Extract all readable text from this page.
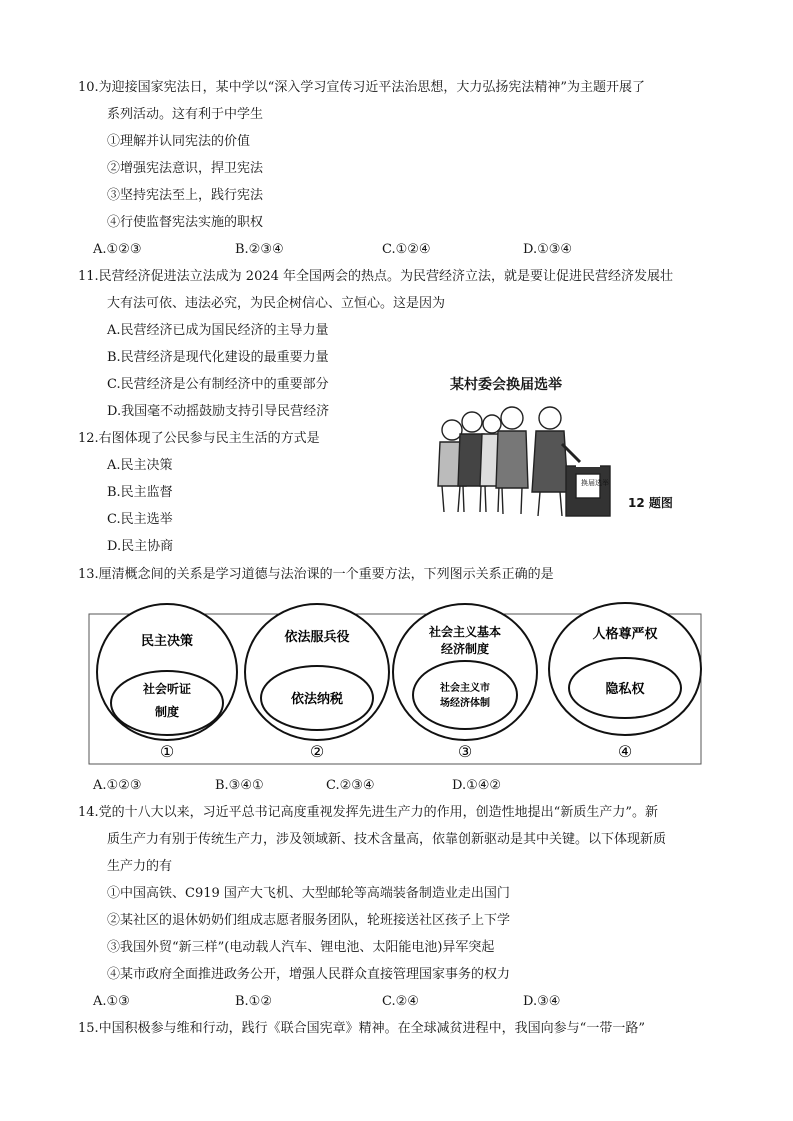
10.为迎接国家宪法日，某中学以“深入学习宣传习近平法治思想，大力弘扬宪法精神”为主题开展了
系列活动。这有利于中学生
①理解并认同宪法的价值
②增强宪法意识，捍卫宪法
③坚持宪法至上，践行宪法
④行使监督宪法实施的职权
A.①②③	B.②③④	C.①②④	D.①③④
11.民营经济促进法立法成为 2024 年全国两会的热点。为民营经济立法，就是要让促进民营经济发展壮
大有法可依、违法必究，为民企树信心、立恒心。这是因为
A.民营经济已成为国民经济的主导力量
B.民营经济是现代化建设的最重要力量
C.民营经济是公有制经济中的重要部分
D.我国毫不动摇鼓励支持引导民营经济
12.右图体现了公民参与民主生活的方式是
A.民主决策
B.民主监督
C.民主选举
D.民主协商
某村委会换届选举
换届选举
12 题图
13.厘清概念间的关系是学习道德与法治课的一个重要方法，下列图示关系正确的是
民主决策
社会听证
制度
①
依法服兵役
依法纳税
②
社会主义基本
经济制度
社会主义市
场经济体制
③
人格尊严权
隐私权
④
A.①②③	B.③④①	C.②③④	D.①④②
14.党的十八大以来，习近平总书记高度重视发挥先进生产力的作用，创造性地提出“新质生产力”。新
质生产力有别于传统生产力，涉及领域新、技术含量高，依靠创新驱动是其中关键。以下体现新质
生产力的有
①中国高铁、C919 国产大飞机、大型邮轮等高端装备制造业走出国门
②某社区的退休奶奶们组成志愿者服务团队，轮班接送社区孩子上下学
③我国外贸“新三样”(电动载人汽车、锂电池、太阳能电池)异军突起
④某市政府全面推进政务公开，增强人民群众直接管理国家事务的权力
A.①③	B.①②	C.②④	D.③④
15.中国积极参与维和行动，践行《联合国宪章》精神。在全球减贫进程中，我国向参与“一带一路”
